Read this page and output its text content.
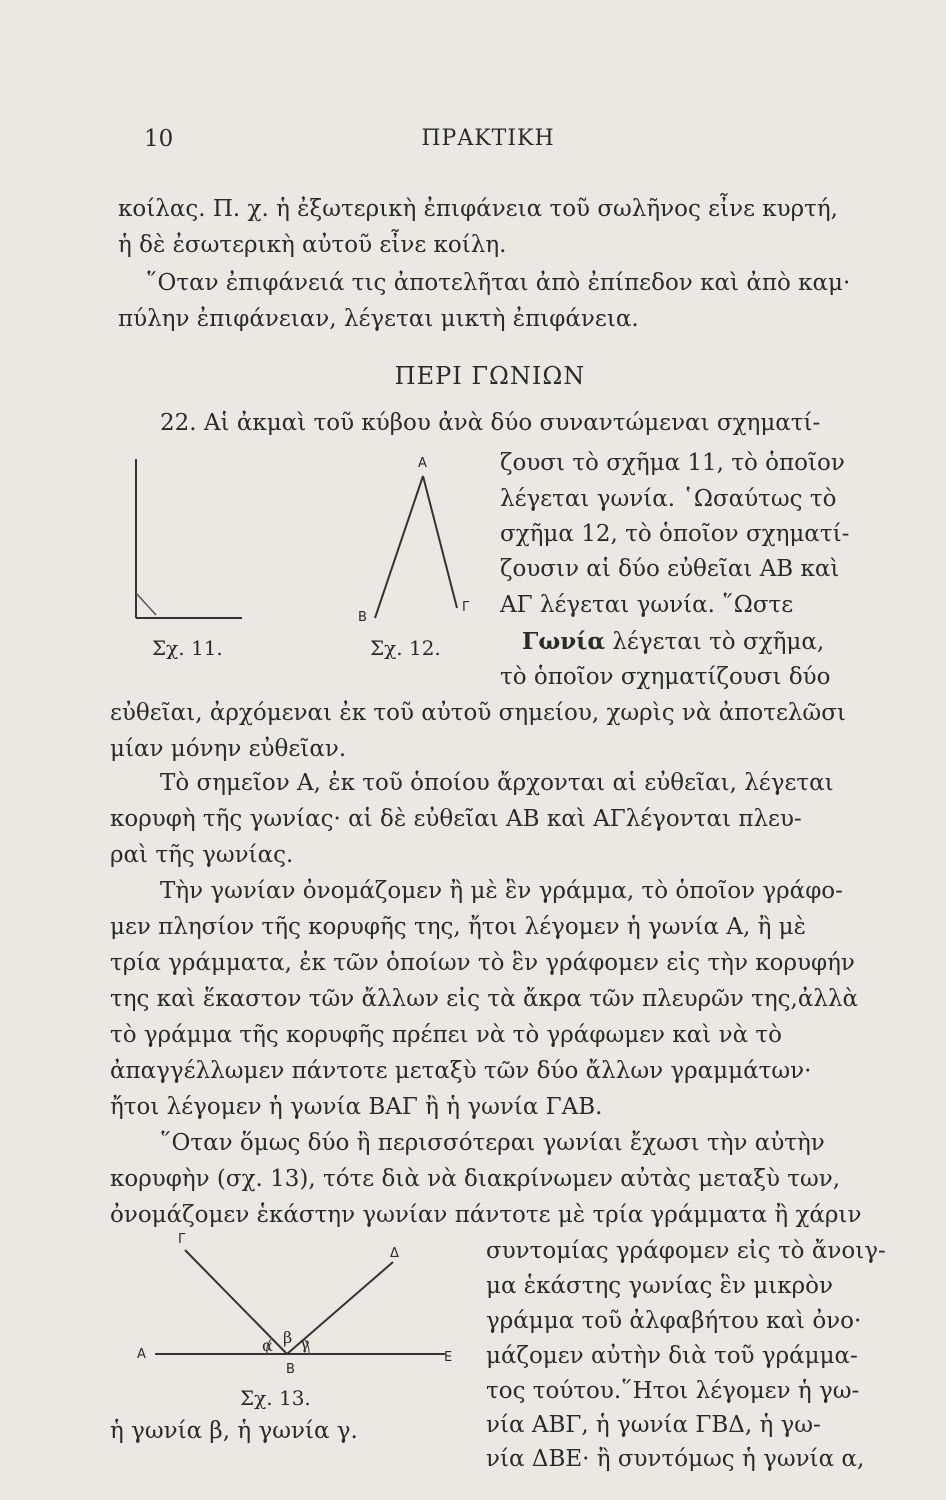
10	ΠΡΑΚΤΙΚΗ
κοίλας. Π. χ. ἡ ἐξωτερικὴ ἐπιφάνεια τοῦ σωλῆνος εἶνε κυρτή,
ἡ δὲ ἐσωτερικὴ αὐτοῦ εἶνε κοίλη.
῞Οταν ἐπιφάνειά τις ἀποτελῆται ἀπὸ ἐπίπεδον καὶ ἀπὸ καμ·
πύλην ἐπιφάνειαν, λέγεται μικτὴ ἐπιφάνεια.
ΠΕΡΙ ΓΩΝΙΩΝ
22. Αἱ ἀκμαὶ τοῦ κύβου ἀνὰ δύο συναντώμεναι σχηματί-
ζουσι τὸ σχῆμα 11, τὸ ὁποῖον
λέγεται γωνία. ῾Ωσαύτως τὸ
σχῆμα 12, τὸ ὁποῖον σχηματί-
ζουσιν αἱ δύο εὐθεῖαι ΑΒ καὶ
ΑΓ λέγεται γωνία. ῞Ωστε
Γωνία λέγεται τὸ σχῆμα,
τὸ ὁποῖον σχηματίζουσι δύο
εὐθεῖαι, ἀρχόμεναι ἐκ τοῦ αὐτοῦ σημείου, χωρὶς νὰ ἀποτελῶσι
μίαν μόνην εὐθεῖαν.
Σχ. 11.
Α
Β
Γ
Σχ. 12.
Τὸ σημεῖον Α, ἐκ τοῦ ὁποίου ἄρχονται αἱ εὐθεῖαι, λέγεται
κορυφὴ τῆς γωνίας· αἱ δὲ εὐθεῖαι ΑΒ καὶ ΑΓλέγονται πλευ-
ραὶ τῆς γωνίας.
Τὴν γωνίαν ὀνομάζομεν ἢ μὲ ἓν γράμμα, τὸ ὁποῖον γράφο-
μεν πλησίον τῆς κορυφῆς της, ἤτοι λέγομεν ἡ γωνία Α, ἢ μὲ
τρία γράμματα, ἐκ τῶν ὁποίων τὸ ἓν γράφομεν εἰς τὴν κορυφήν
της καὶ ἕκαστον τῶν ἄλλων εἰς τὰ ἄκρα τῶν πλευρῶν της,ἀλλὰ
τὸ γράμμα τῆς κορυφῆς πρέπει νὰ τὸ γράφωμεν καὶ νὰ τὸ
ἀπαγγέλλωμεν πάντοτε μεταξὺ τῶν δύο ἄλλων γραμμάτων·
ἤτοι λέγομεν ἡ γωνία ΒΑΓ ἢ ἡ γωνία ΓΑΒ.
῞Οταν ὅμως δύο ἢ περισσότεραι γωνίαι ἔχωσι τὴν αὐτὴν
κορυφὴν (σχ. 13), τότε διὰ νὰ διακρίνωμεν αὐτὰς μεταξὺ των,
ὀνομάζομεν ἑκάστην γωνίαν πάντοτε μὲ τρία γράμματα ἢ χάριν
συντομίας γράφομεν εἰς τὸ ἄνοιγ-
μα ἑκάστης γωνίας ἓν μικρὸν
γράμμα τοῦ ἀλφαβήτου καὶ ὀνο·
μάζομεν αὐτὴν διὰ τοῦ γράμμα-
τος τούτου.῞Ητοι λέγομεν ἡ γω-
νία ΑΒΓ, ἡ γωνία ΓΒΔ, ἡ γω-
νία ΔΒΕ· ἢ συντόμως ἡ γωνία α,
Γ
Δ
Α	Ε
Β
α β γ
Σχ. 13.
ἡ γωνία β, ἡ γωνία γ.
